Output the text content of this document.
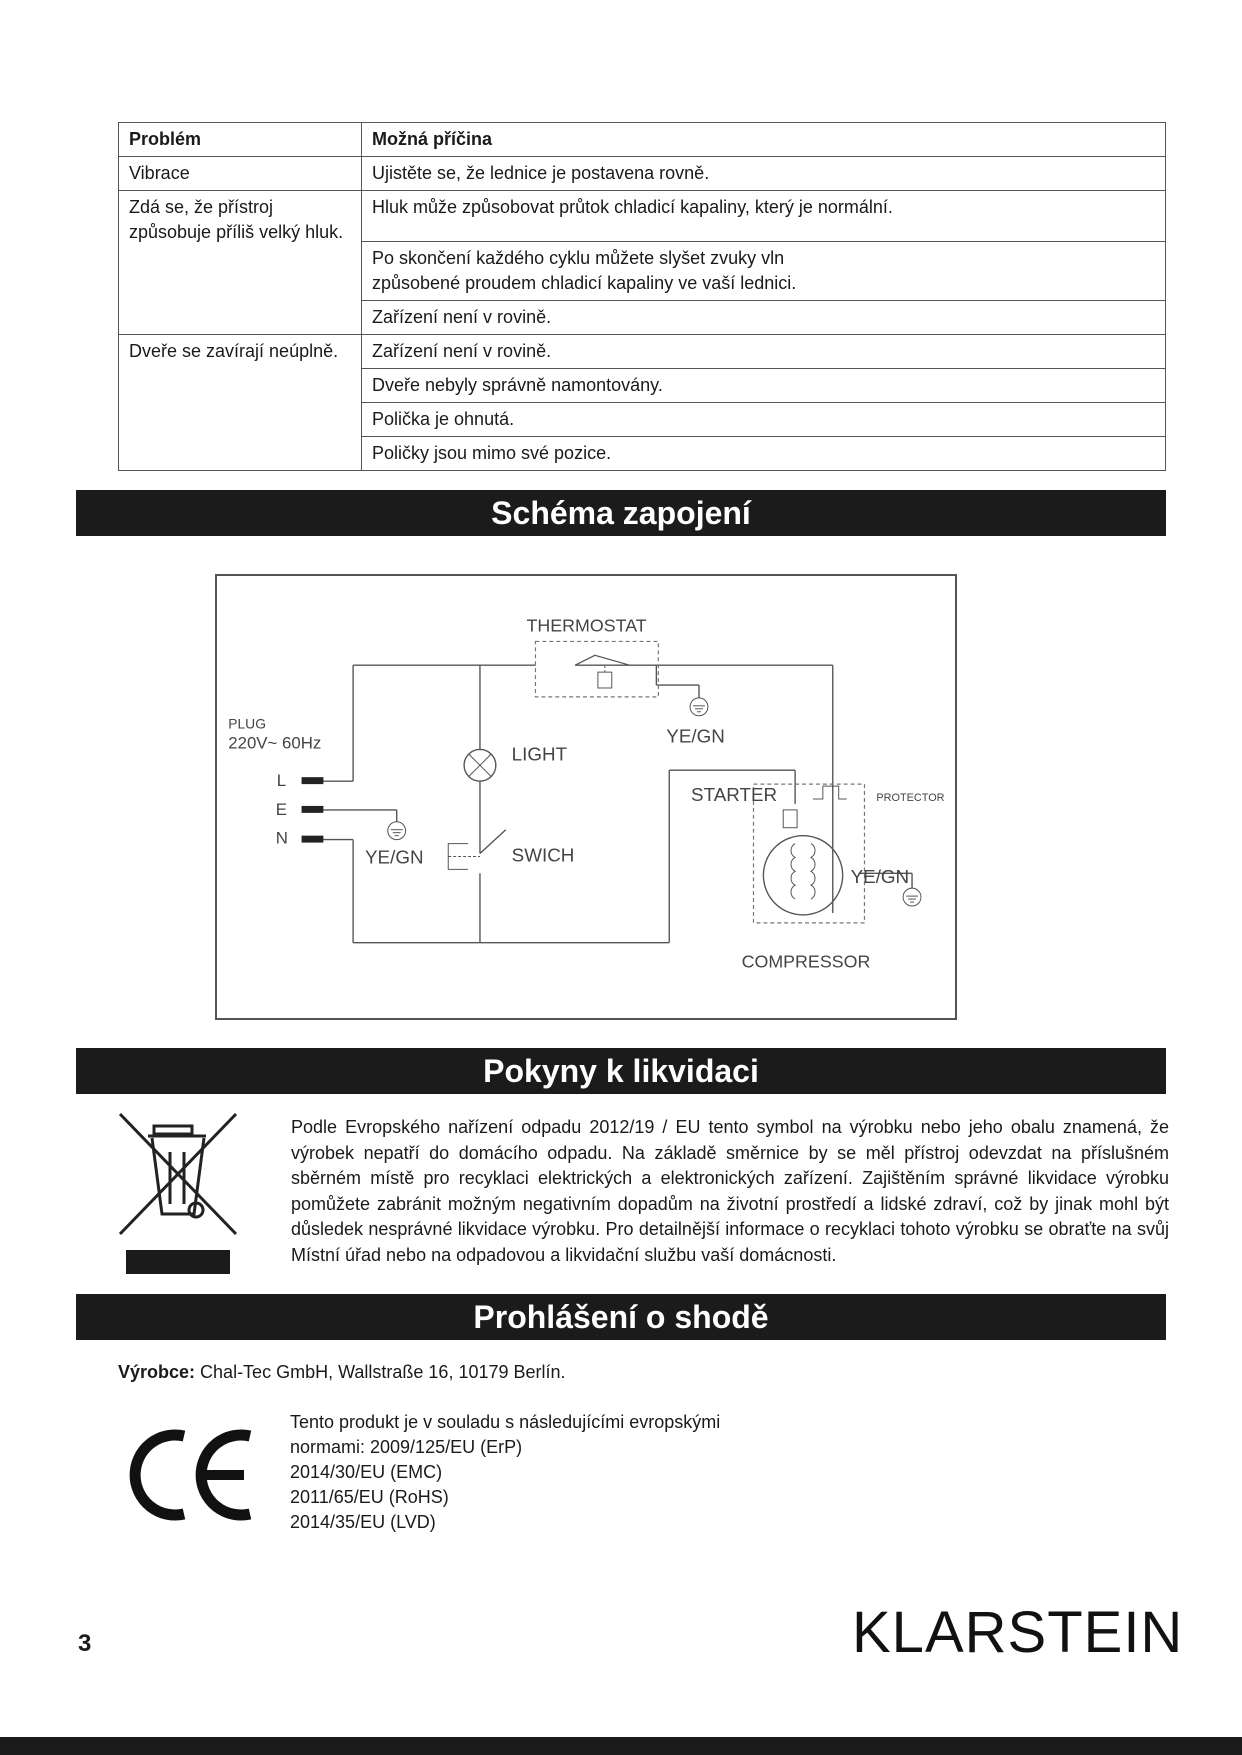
Problém	Možná příčina
Vibrace	Ujistěte se, že lednice je postavena rovně.
Zdá se, že přístroj způsobuje příliš velký hluk.	Hluk může způsobovat průtok chladicí kapaliny, který je normální.
	Po skončení každého cyklu můžete slyšet zvuky vln způsobené proudem chladicí kapaliny ve vaší lednici.
	Zařízení není v rovině.
Dveře se zavírají neúplně.	Zařízení není v rovině.
	Dveře nebyly správně namontovány.
	Polička je ohnutá.
	Poličky jsou mimo své pozice.
Schéma zapojení
THERMOSTAT
PLUG
220V~ 60Hz
L
E
N
LIGHT
SWICH
YE/GN
YE/GN
YE/GN
STARTER	PROTECTOR
COMPRESSOR
Pokyny k likvidaci

Podle Evropského nařízení odpadu 2012/19 / EU tento symbol na výrobku nebo jeho obalu znamená, že výrobek nepatří do domácího odpadu. Na základě směrnice by se měl přístroj odevzdat na příslušném sběrném místě pro recyklaci elektrických a elektronických zařízení. Zajištěním správné likvidace výrobku pomůžete zabránit možným negativním dopadům na životní prostředí a lidské zdraví, což by jinak mohl být důsledek nesprávné likvidace výrobku. Pro detailnější informace o recyklaci tohoto výrobku se obraťte na svůj Místní úřad nebo na odpadovou a likvidační službu vaší domácnosti.

Prohlášení o shodě

Výrobce: Chal-Tec GmbH, Wallstraße 16, 10179 Berlín.

Tento produkt je v souladu s následujícími evropskými
normami: 2009/125/EU (ErP)
2014/30/EU (EMC)
2011/65/EU (RoHS)
2014/35/EU (LVD)
3	KLARSTEIN
